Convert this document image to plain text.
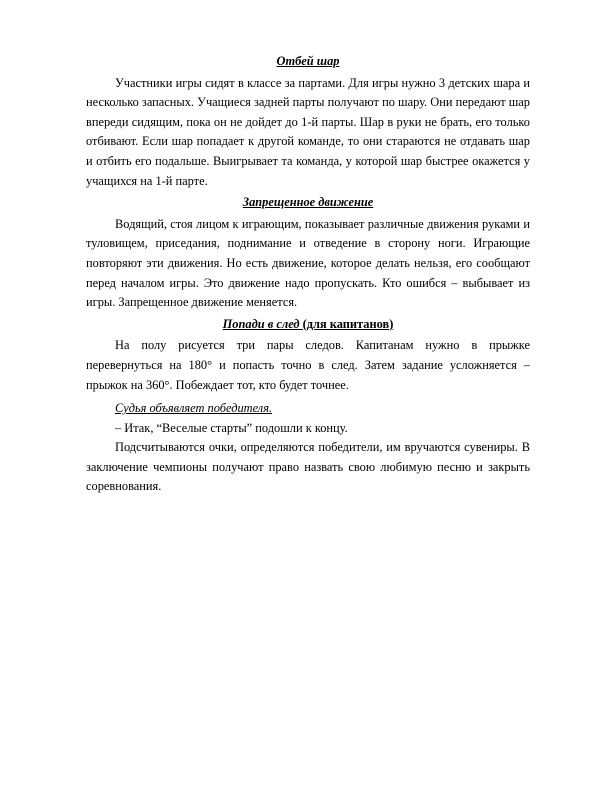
Отбей шар

Участники игры сидят в классе за партами. Для игры нужно 3 детских шара и несколько запасных. Учащиеся задней парты получают по шару. Они передают шар впереди сидящим, пока он не дойдет до 1-й парты. Шар в руки не брать, его только отбивают. Если шар попадает к другой команде, то они стараются не отдавать шар и отбить его подальше. Выигрывает та команда, у которой шар быстрее окажется у учащихся на 1-й парте.

Запрещенное движение

Водящий, стоя лицом к играющим, показывает различные движения руками и туловищем, приседания, поднимание и отведение в сторону ноги. Играющие повторяют эти движения. Но есть движение, которое делать нельзя, его сообщают перед началом игры. Это движение надо пропускать. Кто ошибся – выбывает из игры. Запрещенное движение меняется.

Попади в след (для капитанов)

На полу рисуется три пары следов. Капитанам нужно в прыжке перевернуться на 180° и попасть точно в след. Затем задание усложняется – прыжок на 360°. Побеждает тот, кто будет точнее.

Судья объявляет победителя.

– Итак, “Веселые старты” подошли к концу.

Подсчитываются очки, определяются победители, им вручаются сувениры. В заключение чемпионы получают право назвать свою любимую песню и закрыть соревнования.
